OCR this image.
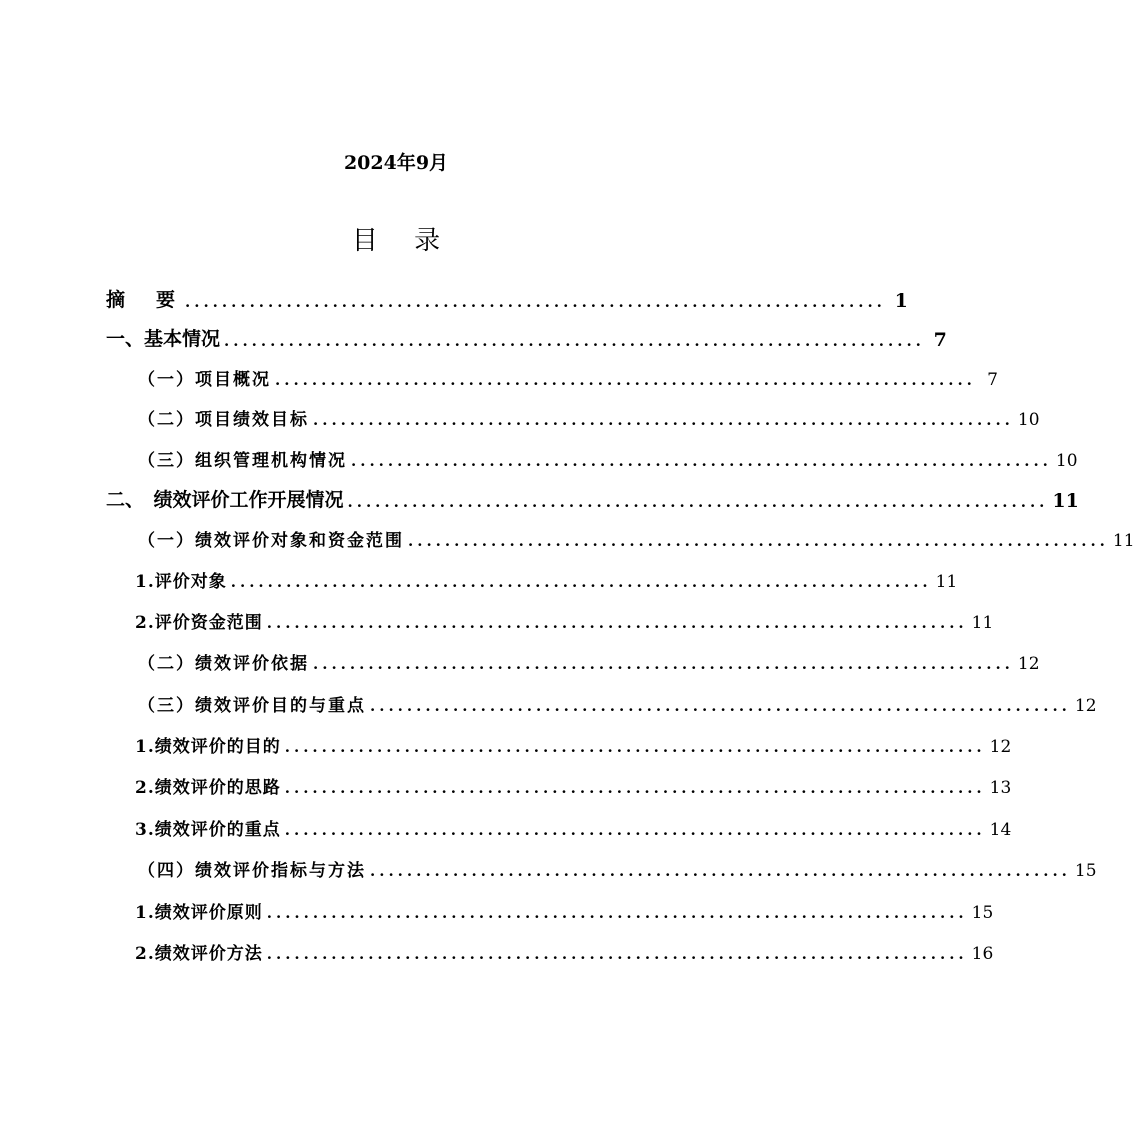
2024年9月
目 录
摘　要 ............................................................................ 1
一、基本情况 ............................................................................ 7
（一）项目概况 ............................................................................ 7
（二）项目绩效目标 ............................................................................ 10
（三）组织管理机构情况 ............................................................................ 10
二、　绩效评价工作开展情况 ............................................................................ 11
（一）绩效评价对象和资金范围 ............................................................................ 11
1.评价对象 ............................................................................ 11
2.评价资金范围 ............................................................................ 11
（二）绩效评价依据 ............................................................................ 12
（三）绩效评价目的与重点 ............................................................................ 12
1.绩效评价的目的 ............................................................................ 12
2.绩效评价的思路 ............................................................................ 13
3.绩效评价的重点 ............................................................................ 14
（四）绩效评价指标与方法 ............................................................................ 15
1.绩效评价原则 ............................................................................ 15
2.绩效评价方法 ............................................................................ 16
